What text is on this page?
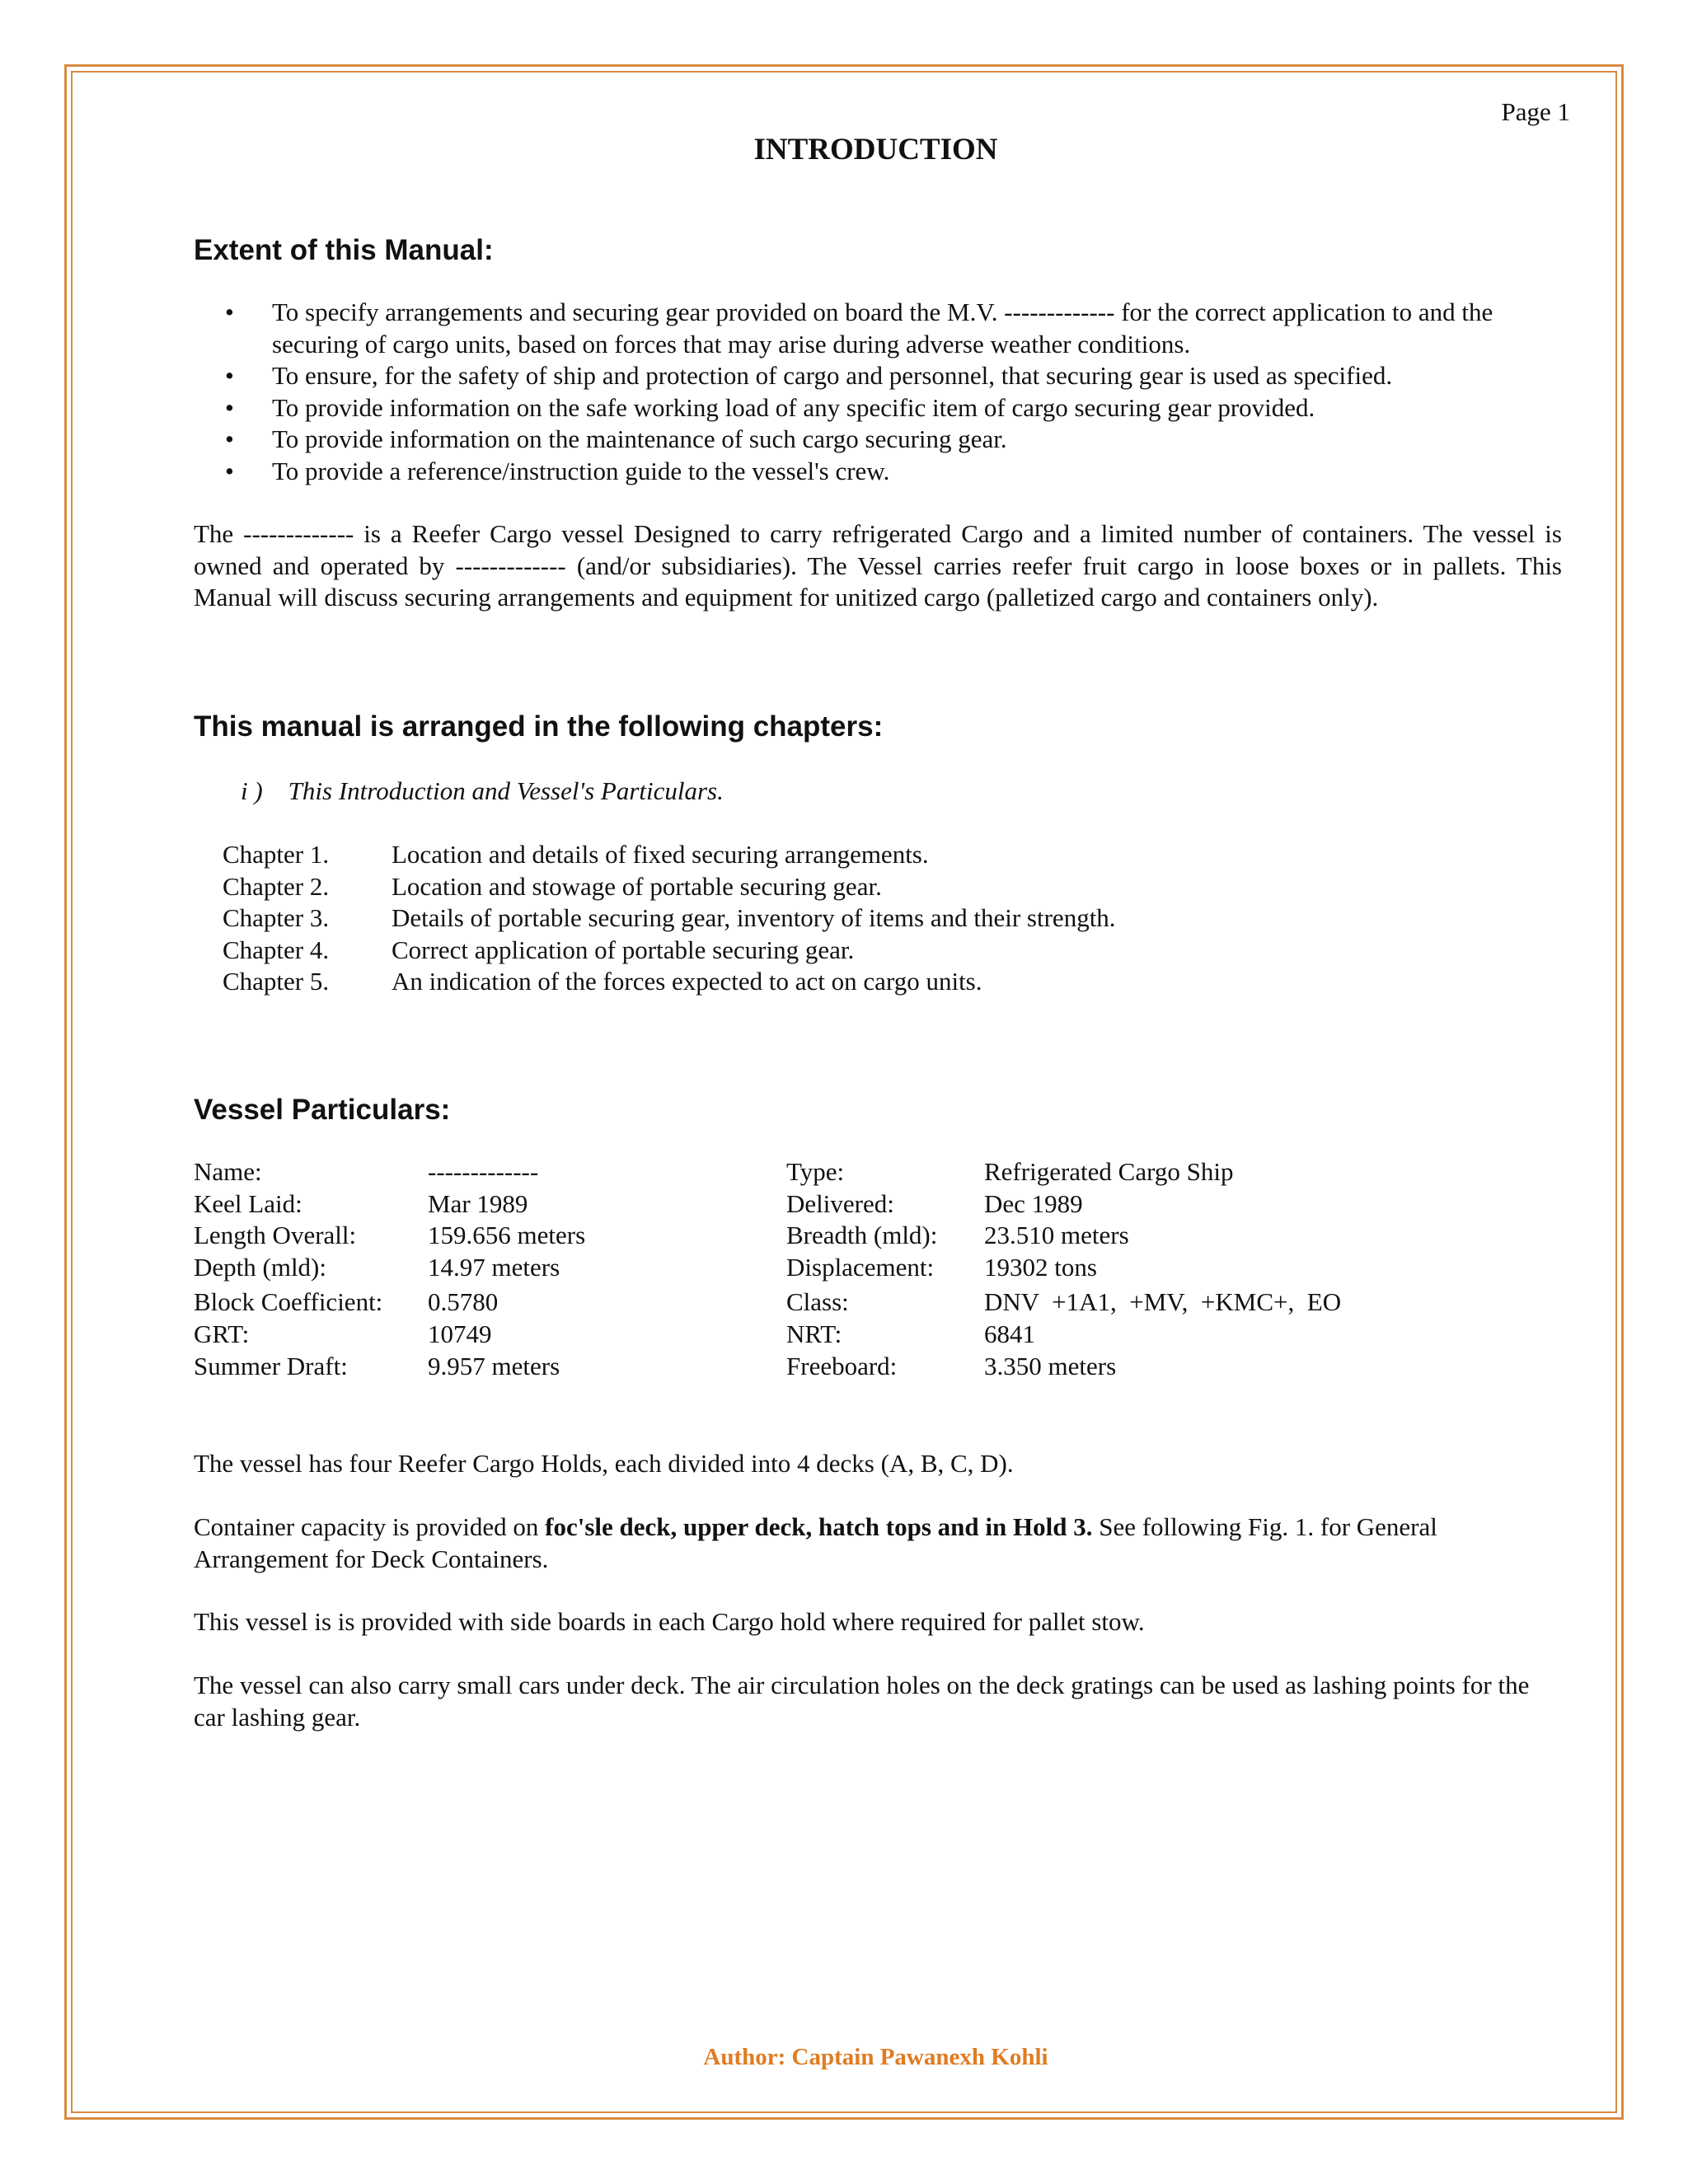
Page 1
INTRODUCTION
Extent of this Manual:
• To specify arrangements and securing gear provided on board the M.V. ------------- for the correct application to and the securing of cargo units, based on forces that may arise during adverse weather conditions.
• To ensure, for the safety of ship and protection of cargo and personnel, that securing gear is used as specified.
• To provide information on the safe working load of any specific item of cargo securing gear provided.
• To provide information on the maintenance of such cargo securing gear.
• To provide a reference/instruction guide to the vessel's crew.
The ------------- is a Reefer Cargo vessel Designed to carry refrigerated Cargo and a limited number of containers. The vessel is owned and operated by ------------- (and/or subsidiaries). The Vessel carries reefer fruit cargo in loose boxes or in pallets. This Manual will discuss securing arrangements and equipment for unitized cargo (palletized cargo and containers only).
This manual is arranged in the following chapters:
i )    This Introduction and Vessel's Particulars.
Chapter 1.	Location and details of fixed securing arrangements.
Chapter 2.	Location and stowage of portable securing gear.
Chapter 3.	Details of portable securing gear, inventory of items and their strength.
Chapter 4.	Correct application of portable securing gear.
Chapter 5.	An indication of the forces expected to act on cargo units.
Vessel Particulars:
Name:	-------------	Type:	Refrigerated Cargo Ship
Keel Laid:	Mar 1989	Delivered:	Dec 1989
Length Overall:	159.656 meters	Breadth (mld):	23.510 meters
Depth (mld):	14.97 meters	Displacement:	19302 tons
Block Coefficient:	0.5780	Class:	DNV  +1A1,  +MV,  +KMC+,  EO
GRT:	10749	NRT:	6841
Summer Draft:	9.957 meters	Freeboard:	3.350 meters
The vessel has four Reefer Cargo Holds, each divided into 4 decks (A, B, C, D).
Container capacity is provided on foc'sle deck, upper deck, hatch tops and in Hold 3. See following Fig. 1. for General Arrangement for Deck Containers.
This vessel is is provided with side boards in each Cargo hold where required for pallet stow.
The vessel can also carry small cars under deck. The air circulation holes on the deck gratings can be used as lashing points for the car lashing gear.
Author: Captain Pawanexh Kohli
